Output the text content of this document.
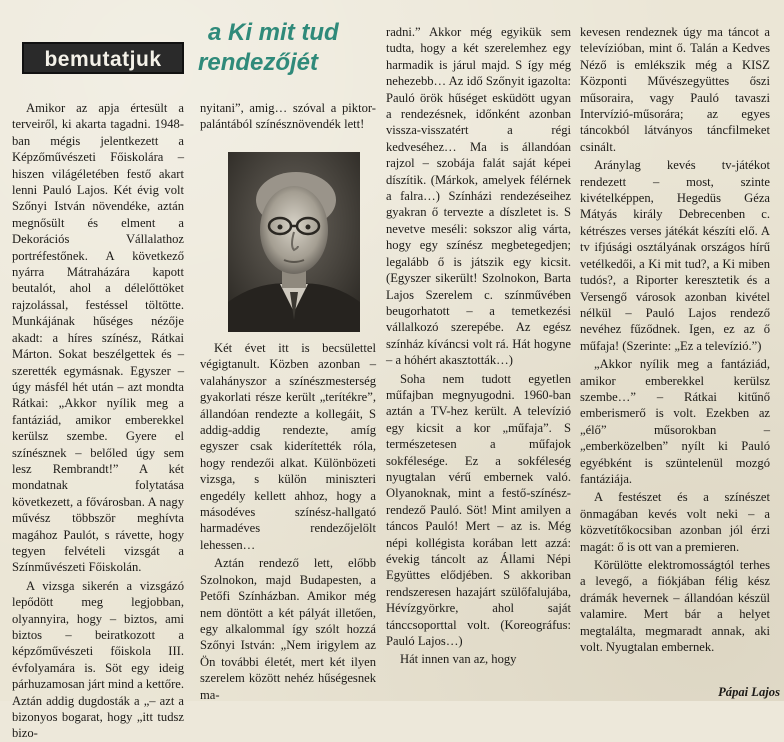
bemutatjuk
a Ki mit tud
rendezőjét

Amikor az apja értesült a terveiről, ki akarta tagadni. 1948-ban mégis jelentkezett a Képzőművészeti Főiskolára – hiszen világéletében festő akart lenni Pauló Lajos. Két évig volt Szőnyi István növendéke, aztán megnősült és elment a Dekorációs Vállalathoz portréfestőnek. A következő nyárra Mátraházára kapott beutalót, ahol a délelőttöket rajzolással, festéssel töltötte. Munkájának hűséges nézője akadt: a híres színész, Rátkai Márton. Sokat beszélgettek és – szerették egymásnak. Egyszer – úgy másfél hét után – azt mondta Rátkai: „Akkor nyílik meg a fantáziád, amikor emberekkel kerülsz szembe. Gyere el színésznek – belőled úgy sem lesz Rembrandt!” A két mondatnak folytatása következett, a fővárosban. A nagy művész többször meghívta magához Paulót, s rávette, hogy tegyen felvételi vizsgát a Színművészeti Főiskolán.

A vizsga sikerén a vizsgázó lepődött meg legjobban, olyannyira, hogy – biztos, ami biztos – beiratkozott a képzőművészeti főiskola III. évfolyamára is. Söt egy ideig párhuzamosan járt mind a kettőre. Aztán addig dugdosták a „– azt a bizonyos bogarat, hogy „itt tudsz bizo-

nyitani”, amig… szóval a piktor-palántából színésznövendék lett!

Két évet itt is becsülettel végigtanult. Közben azonban – valahányszor a színészmesterség gyakorlati része került „terítékre”, állandóan rendezte a kollegáit, S addig-addig rendezte, amíg egyszer csak kiderítették róla, hogy rendezői alkat. Különbözeti vizsga, s külön miniszteri engedély kellett ahhoz, hogy a másodéves színész-hallgató harmadéves rendezőjelölt lehessen…

Aztán rendező lett, előbb Szolnokon, majd Budapesten, a Petőfi Színházban. Amikor még nem döntött a két pályát illetően, egy alkalommal így szólt hozzá Szőnyi István: „Nem irigylem az Ön további életét, mert két ilyen szerelem között nehéz hűségesnek ma-

radni.” Akkor még egyikük sem tudta, hogy a két szerelemhez egy harmadik is járul majd. S így még nehezebb… Az idő Szőnyit igazolta: Pauló örök hűséget esküdött ugyan a rendezésnek, időnként azonban vissza-visszatért a régi kedveséhez… Ma is állandóan rajzol – szobája falát saját képei díszítik. (Márkok, amelyek félérnek a falra…) Színházi rendezéseihez gyakran ő tervezte a díszletet is. S nevetve meséli: sokszor alig várta, hogy egy színész megbetegedjen; legalább ő is játszik egy kicsit. (Egyszer sikerült! Szolnokon, Barta Lajos Szerelem c. színművében beugorhatott – a temetkezési vállalkozó szerepébe. Az egész színház kíváncsi volt rá. Hát hogyne – a hóhért akasztották…)

Soha nem tudott egyetlen műfajban megnyugodni. 1960-ban aztán a TV-hez került. A televízió egy kicsit a kor „műfaja”. S természetesen a műfajok sokfélesége. Ez a sokféleség nyugtalan vérű embernek való. Olyanoknak, mint a festő-színész-rendező Pauló. Söt! Mint amilyen a táncos Pauló! Mert – az is. Még népi kollégista korában lett azzá: évekig táncolt az Állami Népi Együttes elődjében. S akkoriban rendszeresen hazajárt szülőfalujába, Hévízgyörkre, ahol saját tánccsoporttal volt. (Koreográfus: Pauló Lajos…)

Hát innen van az, hogy

kevesen rendeznek úgy ma táncot a televízióban, mint ő. Talán a Kedves Néző is emlékszik még a KISZ Központi Művészegyüttes őszi műsoraira, vagy Pauló tavaszi Intervízió-műsorára; az egyes táncokból látványos táncfilmeket csinált.

Aránylag kevés tv-játékot rendezett – most, szinte kivételképpen, Hegedüs Géza Mátyás király Debrecenben c. kétrészes verses játékát készíti elő. A tv ifjúsági osztályának országos hírű vetélkedői, a Ki mit tud?, a Ki miben tudós?, a Riporter keresztetik és a Versengő városok azonban kivétel nélkül – Pauló Lajos rendező nevéhez fűződnek. Igen, ez az ő műfaja! (Szerinte: „Ez a televízió.”)

„Akkor nyílik meg a fantáziád, amikor emberekkel kerülsz szembe…” – Rátkai kitűnő emberismerő is volt. Ezekben az „élő” műsorokban – „emberközelben” nyílt ki Pauló egyébként is szüntelenül mozgó fantáziája.

A festészet és a színészet önmagában kevés volt neki – a közvetítőkocsiban azonban jól érzi magát: ő is ott van a premieren.

Körülötte elektromosságtól terhes a levegő, a fiókjában félig kész drámák hevernek – állandóan készül valamire. Mert bár a helyet megtalálta, megmaradt annak, aki volt. Nyugtalan embernek.

Pápai Lajos
